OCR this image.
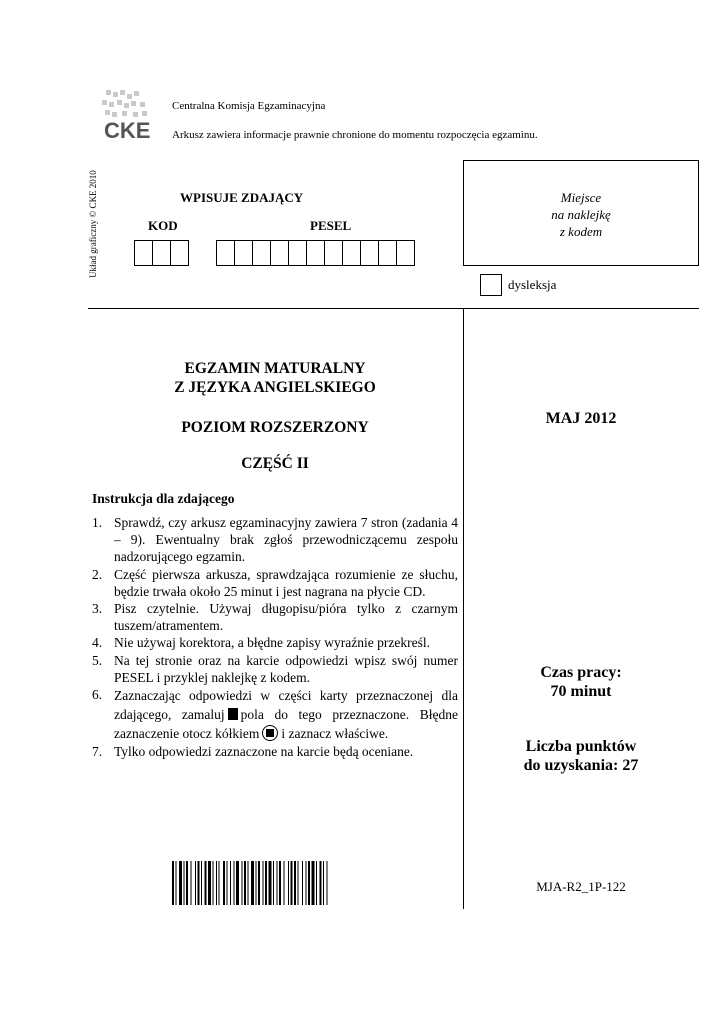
CKE
Centralna Komisja Egzaminacyjna
Arkusz zawiera informacje prawnie chronione do momentu rozpoczęcia egzaminu.
Układ graficzny © CKE 2010	WPISUJE ZDAJĄCY
KOD	PESEL
Miejsce
na naklejkę
z kodem
dysleksja
EGZAMIN MATURALNY
Z JĘZYKA ANGIELSKIEGO
POZIOM ROZSZERZONY
CZĘŚĆ II
Instrukcja dla zdającego
1. Sprawdź, czy arkusz egzaminacyjny zawiera 7 stron (zadania 4 – 9). Ewentualny brak zgłoś przewodniczącemu zespołu nadzorującego egzamin.
2. Część pierwsza arkusza, sprawdzająca rozumienie ze słuchu, będzie trwała około 25 minut i jest nagrana na płycie CD.
3. Pisz czytelnie. Używaj długopisu/pióra tylko z czarnym tuszem/atramentem.
4. Nie używaj korektora, a błędne zapisy wyraźnie przekreśl.
5. Na tej stronie oraz na karcie odpowiedzi wpisz swój numer PESEL i przyklej naklejkę z kodem.
6. Zaznaczając odpowiedzi w części karty przeznaczonej dla zdającego, zamaluj pola do tego przeznaczone. Błędne zaznaczenie otocz kółkiem i zaznacz właściwe.
7. Tylko odpowiedzi zaznaczone na karcie będą oceniane.
MAJ 2012
Czas pracy:
70 minut
Liczba punktów
do uzyskania: 27
MJA-R2_1P-122
